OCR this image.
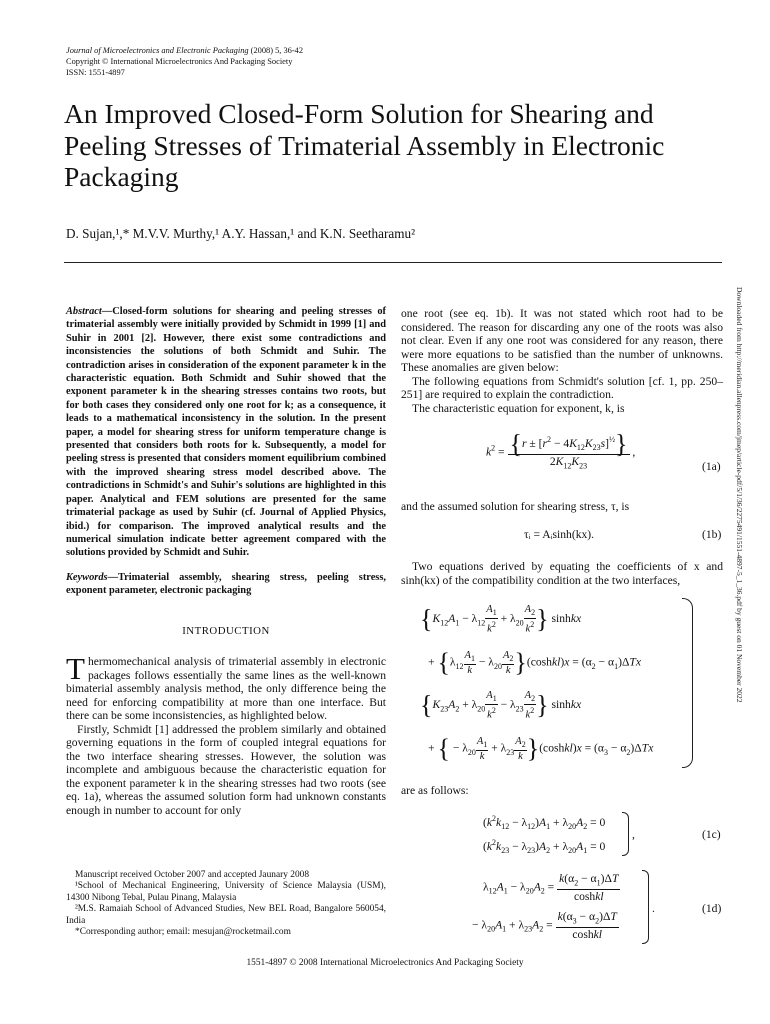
Journal of Microelectronics and Electronic Packaging (2008) 5, 36-42
Copyright © International Microelectronics And Packaging Society
ISSN: 1551-4897
An Improved Closed-Form Solution for Shearing and Peeling Stresses of Trimaterial Assembly in Electronic Packaging
D. Sujan,¹,* M.V.V. Murthy,¹ A.Y. Hassan,¹ and K.N. Seetharamu²
Downloaded from http://meridian.allenpress.com/jmep/article-pdf/5/1/36/2275491/1551-4897-5_1_36.pdf by guest on 01 November 2022
Abstract—Closed-form solutions for shearing and peeling stresses of trimaterial assembly were initially provided by Schmidt in 1999 [1] and Suhir in 2001 [2]. However, there exist some contradictions and inconsistencies the solutions of both Schmidt and Suhir. The contradiction arises in consideration of the exponent parameter k in the characteristic equation. Both Schmidt and Suhir showed that the exponent parameter k in the shearing stresses contains two roots, but for both cases they considered only one root for k; as a consequence, it leads to a mathematical inconsistency in the solution. In the present paper, a model for shearing stress for uniform temperature change is presented that considers both roots for k. Subsequently, a model for peeling stress is presented that considers moment equilibrium combined with the improved shearing stress model described above. The contradictions in Schmidt's and Suhir's solutions are highlighted in this paper. Analytical and FEM solutions are presented for the same trimaterial package as used by Suhir (cf. Journal of Applied Physics, ibid.) for comparison. The improved analytical results and the numerical simulation indicate better agreement compared with the solutions provided by Schmidt and Suhir.
Keywords—Trimaterial assembly, shearing stress, peeling stress, exponent parameter, electronic packaging
INTRODUCTION

Thermomechanical analysis of trimaterial assembly in electronic packages follows essentially the same lines as the well-known bimaterial assembly analysis method, the only difference being the need for enforcing compatibility at more than one interface. But there can be some inconsistencies, as highlighted below.

Firstly, Schmidt [1] addressed the problem similarly and obtained governing equations in the form of coupled integral equations for the two interface shearing stresses. However, the solution was incomplete and ambiguous because the characteristic equation for the exponent parameter k in the shearing stresses had two roots (see eq. 1a), whereas the assumed solution form had unknown constants enough in number to account for only

Manuscript received October 2007 and accepted Jaunary 2008

¹School of Mechanical Engineering, University of Science Malaysia (USM), 14300 Nibong Tebal, Pulau Pinang, Malaysia

²M.S. Ramaiah School of Advanced Studies, New BEL Road, Bangalore 560054, India

*Corresponding author; email: mesujan@rocketmail.com

one root (see eq. 1b). It was not stated which root had to be considered. The reason for discarding any one of the roots was also not clear. Even if any one root was considered for any reason, there were more equations to be satisfied than the number of unknowns. These anomalies are given below:

The following equations from Schmidt's solution [cf. 1, pp. 250–251] are required to explain the contradiction.

The characteristic equation for exponent, k, is

$k^2 = \frac{\{r \pm [r^2 - 4K_{12}K_{23}s]^{\frac{1}{2}}\}}{2K_{12}K_{23}}$ ,
(1a)

and the assumed solution for shearing stress, τ, is

τᵢ = Aᵢsinh(kx).	(1b)

Two equations derived by equating the coefficients of x and sinh(kx) of the compatibility condition at the two interfaces,

{$K_{12}A_1 - \lambda_{12} \frac{A_1}{k^2} + \lambda_{20} \frac{A_2}{k^2}$ } sinhkx
+ {$\lambda_{12} \frac{A_1}{k} - \lambda_{20} \frac{A_2}{k}$ }(coshkl)x = $(\alpha_2 - \alpha_1)\Delta Tx$
{$K_{23}A_2 + \lambda_{20} \frac{A_1}{k^2} - \lambda_{23} \frac{A_2}{k^2}$ } sinhkx
+ { − $\lambda_{20} \frac{A_1}{k} + \lambda_{23} \frac{A_2}{k}$ }(coshkl)x = $(\alpha_3 - \alpha_2)\Delta Tx$

are as follows:

$(k^2k_{12} - \lambda_{12})A_1 + \lambda_{20}A_2 = 0$
$(k^2k_{23} - \lambda_{23})A_2 + \lambda_{20}A_1 = 0$
,	(1c)
$\lambda_{12}A_1 - \lambda_{20}A_2 = \frac{k(\alpha_2 - \alpha_1)\Delta T}{\text{coshkl}}$
− $\lambda_{20}A_1 + \lambda_{23}A_2 = \frac{k(\alpha_3 - \alpha_2)\Delta T}{\text{coshkl}}$
.	(1d)
1551-4897 © 2008 International Microelectronics And Packaging Society
